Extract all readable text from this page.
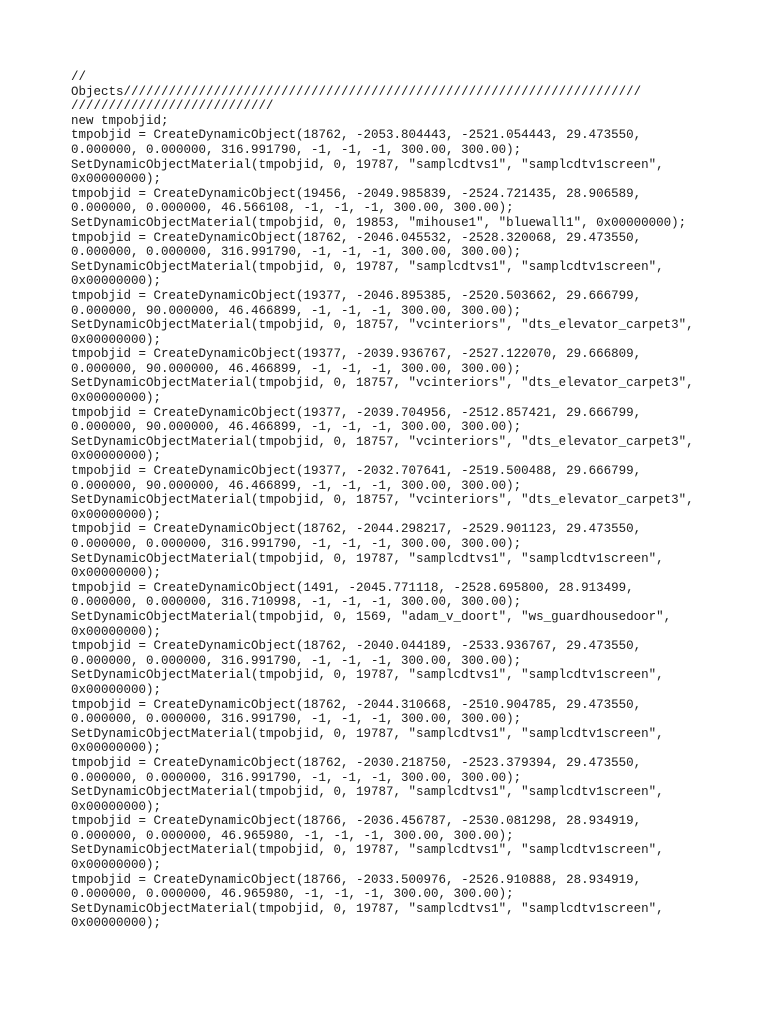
//
Objects/////////////////////////////////////////////////////////////////////
///////////////////////////
new tmpobjid;
tmpobjid = CreateDynamicObject(18762, -2053.804443, -2521.054443, 29.473550,
0.000000, 0.000000, 316.991790, -1, -1, -1, 300.00, 300.00);
SetDynamicObjectMaterial(tmpobjid, 0, 19787, "samplcdtvs1", "samplcdtv1screen",
0x00000000);
tmpobjid = CreateDynamicObject(19456, -2049.985839, -2524.721435, 28.906589,
0.000000, 0.000000, 46.566108, -1, -1, -1, 300.00, 300.00);
SetDynamicObjectMaterial(tmpobjid, 0, 19853, "mihouse1", "bluewall1", 0x00000000);
tmpobjid = CreateDynamicObject(18762, -2046.045532, -2528.320068, 29.473550,
0.000000, 0.000000, 316.991790, -1, -1, -1, 300.00, 300.00);
SetDynamicObjectMaterial(tmpobjid, 0, 19787, "samplcdtvs1", "samplcdtv1screen",
0x00000000);
tmpobjid = CreateDynamicObject(19377, -2046.895385, -2520.503662, 29.666799,
0.000000, 90.000000, 46.466899, -1, -1, -1, 300.00, 300.00);
SetDynamicObjectMaterial(tmpobjid, 0, 18757, "vcinteriors", "dts_elevator_carpet3",
0x00000000);
tmpobjid = CreateDynamicObject(19377, -2039.936767, -2527.122070, 29.666809,
0.000000, 90.000000, 46.466899, -1, -1, -1, 300.00, 300.00);
SetDynamicObjectMaterial(tmpobjid, 0, 18757, "vcinteriors", "dts_elevator_carpet3",
0x00000000);
tmpobjid = CreateDynamicObject(19377, -2039.704956, -2512.857421, 29.666799,
0.000000, 90.000000, 46.466899, -1, -1, -1, 300.00, 300.00);
SetDynamicObjectMaterial(tmpobjid, 0, 18757, "vcinteriors", "dts_elevator_carpet3",
0x00000000);
tmpobjid = CreateDynamicObject(19377, -2032.707641, -2519.500488, 29.666799,
0.000000, 90.000000, 46.466899, -1, -1, -1, 300.00, 300.00);
SetDynamicObjectMaterial(tmpobjid, 0, 18757, "vcinteriors", "dts_elevator_carpet3",
0x00000000);
tmpobjid = CreateDynamicObject(18762, -2044.298217, -2529.901123, 29.473550,
0.000000, 0.000000, 316.991790, -1, -1, -1, 300.00, 300.00);
SetDynamicObjectMaterial(tmpobjid, 0, 19787, "samplcdtvs1", "samplcdtv1screen",
0x00000000);
tmpobjid = CreateDynamicObject(1491, -2045.771118, -2528.695800, 28.913499,
0.000000, 0.000000, 316.710998, -1, -1, -1, 300.00, 300.00);
SetDynamicObjectMaterial(tmpobjid, 0, 1569, "adam_v_doort", "ws_guardhousedoor",
0x00000000);
tmpobjid = CreateDynamicObject(18762, -2040.044189, -2533.936767, 29.473550,
0.000000, 0.000000, 316.991790, -1, -1, -1, 300.00, 300.00);
SetDynamicObjectMaterial(tmpobjid, 0, 19787, "samplcdtvs1", "samplcdtv1screen",
0x00000000);
tmpobjid = CreateDynamicObject(18762, -2044.310668, -2510.904785, 29.473550,
0.000000, 0.000000, 316.991790, -1, -1, -1, 300.00, 300.00);
SetDynamicObjectMaterial(tmpobjid, 0, 19787, "samplcdtvs1", "samplcdtv1screen",
0x00000000);
tmpobjid = CreateDynamicObject(18762, -2030.218750, -2523.379394, 29.473550,
0.000000, 0.000000, 316.991790, -1, -1, -1, 300.00, 300.00);
SetDynamicObjectMaterial(tmpobjid, 0, 19787, "samplcdtvs1", "samplcdtv1screen",
0x00000000);
tmpobjid = CreateDynamicObject(18766, -2036.456787, -2530.081298, 28.934919,
0.000000, 0.000000, 46.965980, -1, -1, -1, 300.00, 300.00);
SetDynamicObjectMaterial(tmpobjid, 0, 19787, "samplcdtvs1", "samplcdtv1screen",
0x00000000);
tmpobjid = CreateDynamicObject(18766, -2033.500976, -2526.910888, 28.934919,
0.000000, 0.000000, 46.965980, -1, -1, -1, 300.00, 300.00);
SetDynamicObjectMaterial(tmpobjid, 0, 19787, "samplcdtvs1", "samplcdtv1screen",
0x00000000);
